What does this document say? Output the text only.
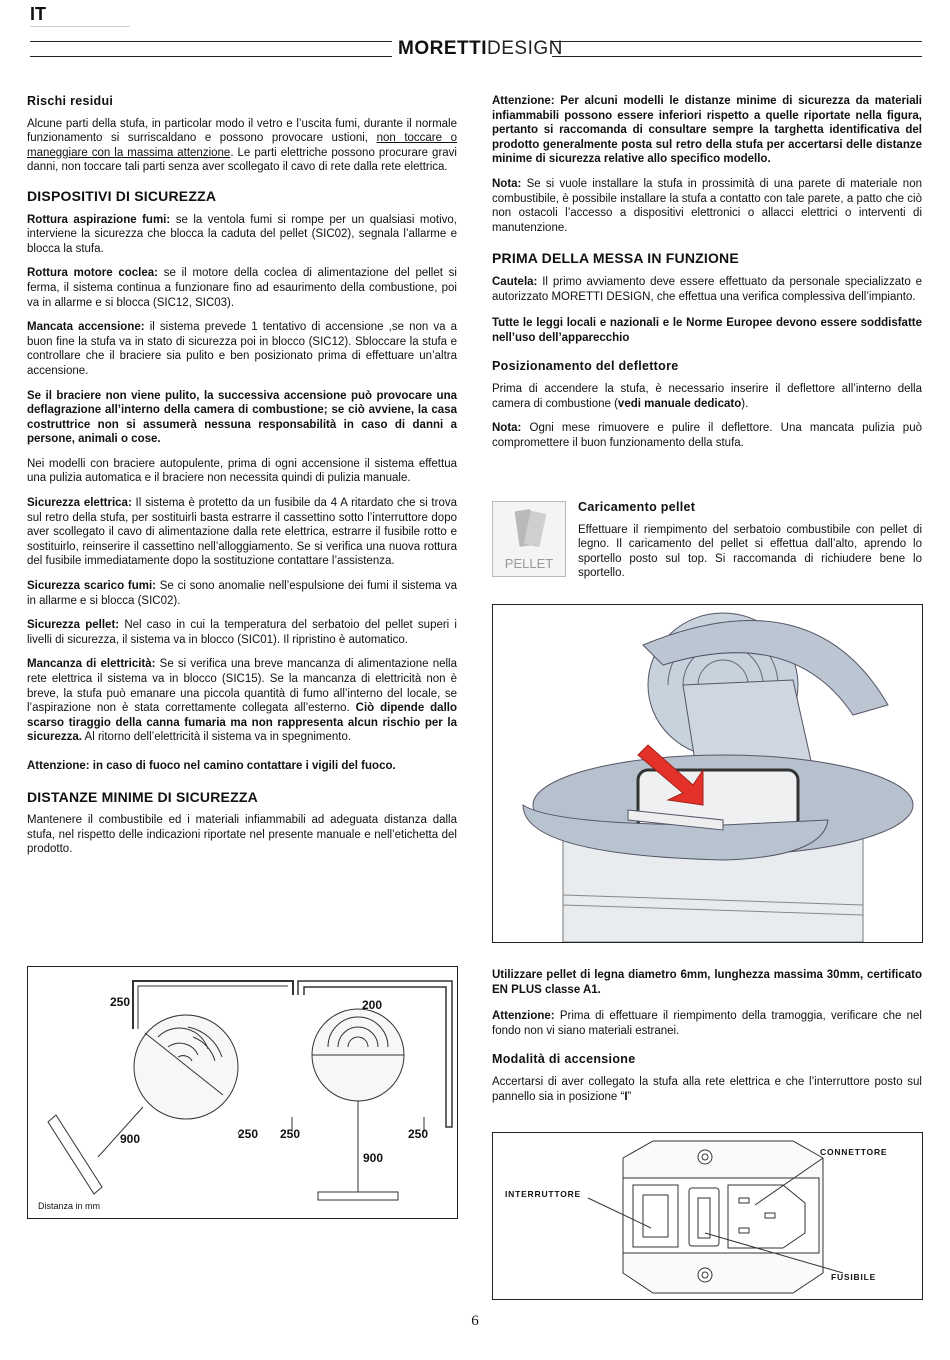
IT
MORETTIDESIGN
Rischi residui

Alcune parti della stufa, in particolar modo il vetro e l’uscita fumi, durante il normale funzionamento si surriscaldano e possono provocare ustioni, non toccare o maneggiare con la massima attenzione. Le parti elettriche possono procurare gravi danni, non toccare tali parti senza aver scollegato il cavo di rete dalla rete elettrica.

DISPOSITIVI DI SICUREZZA

Rottura aspirazione fumi: se la ventola fumi si rompe per un qualsiasi motivo, interviene la sicurezza che blocca la caduta del pellet (SIC02), segnala l’allarme e blocca la stufa.

Rottura motore coclea: se il motore della coclea di alimentazione del pellet si ferma, il sistema continua a funzionare fino ad esaurimento della combustione, poi va in allarme e si blocca (SIC12, SIC03).

Mancata accensione: il sistema prevede 1 tentativo di accensione ,se non va a buon fine la stufa va in stato di sicurezza poi in blocco (SIC12). Sbloccare la stufa e controllare che il braciere sia pulito e ben posizionato prima di effettuare un’altra accensione.

Se il braciere non viene pulito, la successiva accensione può provocare una deflagrazione all’interno della camera di combustione; se ciò avviene, la casa costruttrice non si assumerà nessuna responsabilità in caso di danni a persone, animali o cose.

Nei modelli con braciere autopulente, prima di ogni accensione il sistema effettua una pulizia automatica e il braciere non necessita quindi di pulizia manuale.

Sicurezza elettrica: Il sistema è protetto da un fusibile da 4 A ritardato che si trova sul retro della stufa, per sostituirli basta estrarre il cassettino sotto l’interruttore dopo aver scollegato il cavo di alimentazione dalla rete elettrica, estrarre il fusibile rotto e sostituirlo, reinserire il cassettino nell’alloggiamento. Se si verifica una nuova rottura del fusibile immediatamente dopo la sostituzione contattare l’assistenza.

Sicurezza scarico fumi: Se ci sono anomalie nell’espulsione dei fumi il sistema va in allarme e si blocca (SIC02).

Sicurezza pellet: Nel caso in cui la temperatura del serbatoio del pellet superi i livelli di sicurezza, il sistema va in blocco (SIC01). Il ripristino è automatico.

Mancanza di elettricità: Se si verifica una breve mancanza di alimentazione nella rete elettrica il sistema va in blocco (SIC15). Se la mancanza di elettricità non è breve, la stufa può emanare una piccola quantità di fumo all’interno del locale, se l’aspirazione non è stata correttamente collegata all’esterno. Ciò dipende dallo scarso tiraggio della canna fumaria ma non rappresenta alcun rischio per la sicurezza. Al ritorno dell’elettricità il sistema va in spegnimento.

Attenzione: in caso di fuoco nel camino contattare i vigili del fuoco.

DISTANZE MINIME DI SICUREZZA

Mantenere il combustibile ed i materiali infiammabili ad adeguata distanza dalla stufa, nel rispetto delle indicazioni riportate nel presente manuale e nell’etichetta del prodotto.

250
900	250
200
250	250
900
Distanza in mm

Attenzione: Per alcuni modelli le distanze minime di sicurezza da materiali infiammabili possono essere inferiori rispetto a quelle riportate nella figura, pertanto si raccomanda di consultare sempre la targhetta identificativa del prodotto generalmente posta sul retro della stufa per accertarsi delle distanze minime di sicurezza relative allo specifico modello.

Nota: Se si vuole installare la stufa in prossimità di una parete di materiale non combustibile, è possibile installare la stufa a contatto con tale parete, a patto che ciò non ostacoli l’accesso a dispositivi elettronici o allacci elettrici o interventi di manutenzione.

PRIMA DELLA MESSA IN FUNZIONE

Cautela: Il primo avviamento deve essere effettuato da personale specializzato e autorizzato MORETTI DESIGN, che effettua una verifica complessiva dell’impianto.

Tutte le leggi locali e nazionali e le Norme Europee devono essere soddisfatte nell’uso dell’apparecchio

Posizionamento del deflettore

Prima di accendere la stufa, è necessario inserire il deflettore all’interno della camera di combustione (vedi manuale dedicato).

Nota: Ogni mese rimuovere e pulire il deflettore. Una mancata pulizia può compromettere il buon funzionamento della stufa.

PELLET
Caricamento pellet

Effettuare il riempimento del serbatoio combustibile con pellet di legno. Il caricamento del pellet si effettua dall’alto, aprendo lo sportello posto sul top. Si raccomanda di richiudere bene lo sportello.

Utilizzare pellet di legna diametro 6mm, lunghezza massima 30mm, certificato EN PLUS classe A1.

Attenzione: Prima di effettuare il riempimento della tramoggia, verificare che nel fondo non vi siano materiali estranei.

Modalità di accensione

Accertarsi di aver collegato la stufa alla rete elettrica e che l’interruttore posto sul pannello sia in posizione “I”

CONNETTORE
INTERRUTTORE
FUSIBILE
6
